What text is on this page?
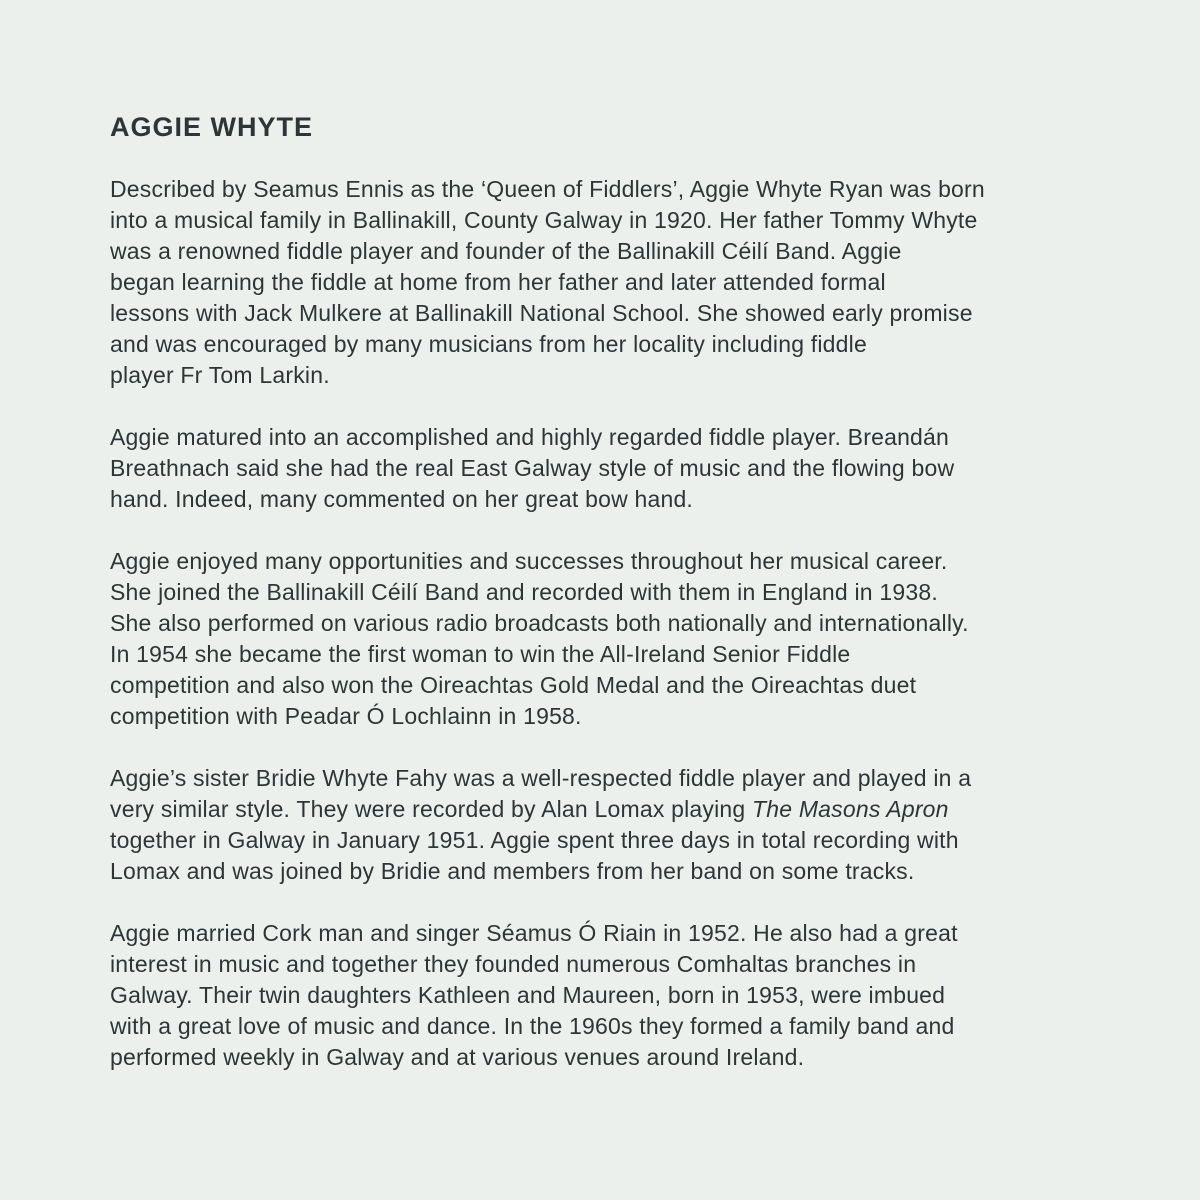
AGGIE WHYTE
Described by Seamus Ennis as the ‘Queen of Fiddlers’, Aggie Whyte Ryan was born
into a musical family in Ballinakill, County Galway in 1920. Her father Tommy Whyte
was a renowned fiddle player and founder of the Ballinakill Céilí Band. Aggie
began learning the fiddle at home from her father and later attended formal
lessons with Jack Mulkere at Ballinakill National School. She showed early promise
and was encouraged by many musicians from her locality including fiddle
player Fr Tom Larkin.
Aggie matured into an accomplished and highly regarded fiddle player. Breandán
Breathnach said she had the real East Galway style of music and the flowing bow
hand. Indeed, many commented on her great bow hand.
Aggie enjoyed many opportunities and successes throughout her musical career.
She joined the Ballinakill Céilí Band and recorded with them in England in 1938.
She also performed on various radio broadcasts both nationally and internationally.
In 1954 she became the first woman to win the All-Ireland Senior Fiddle
competition and also won the Oireachtas Gold Medal and the Oireachtas duet
competition with Peadar Ó Lochlainn in 1958.
Aggie’s sister Bridie Whyte Fahy was a well-respected fiddle player and played in a
very similar style. They were recorded by Alan Lomax playing The Masons Apron
together in Galway in January 1951. Aggie spent three days in total recording with
Lomax and was joined by Bridie and members from her band on some tracks.
Aggie married Cork man and singer Séamus Ó Riain in 1952. He also had a great
interest in music and together they founded numerous Comhaltas branches in
Galway. Their twin daughters Kathleen and Maureen, born in 1953, were imbued
with a great love of music and dance. In the 1960s they formed a family band and
performed weekly in Galway and at various venues around Ireland.
